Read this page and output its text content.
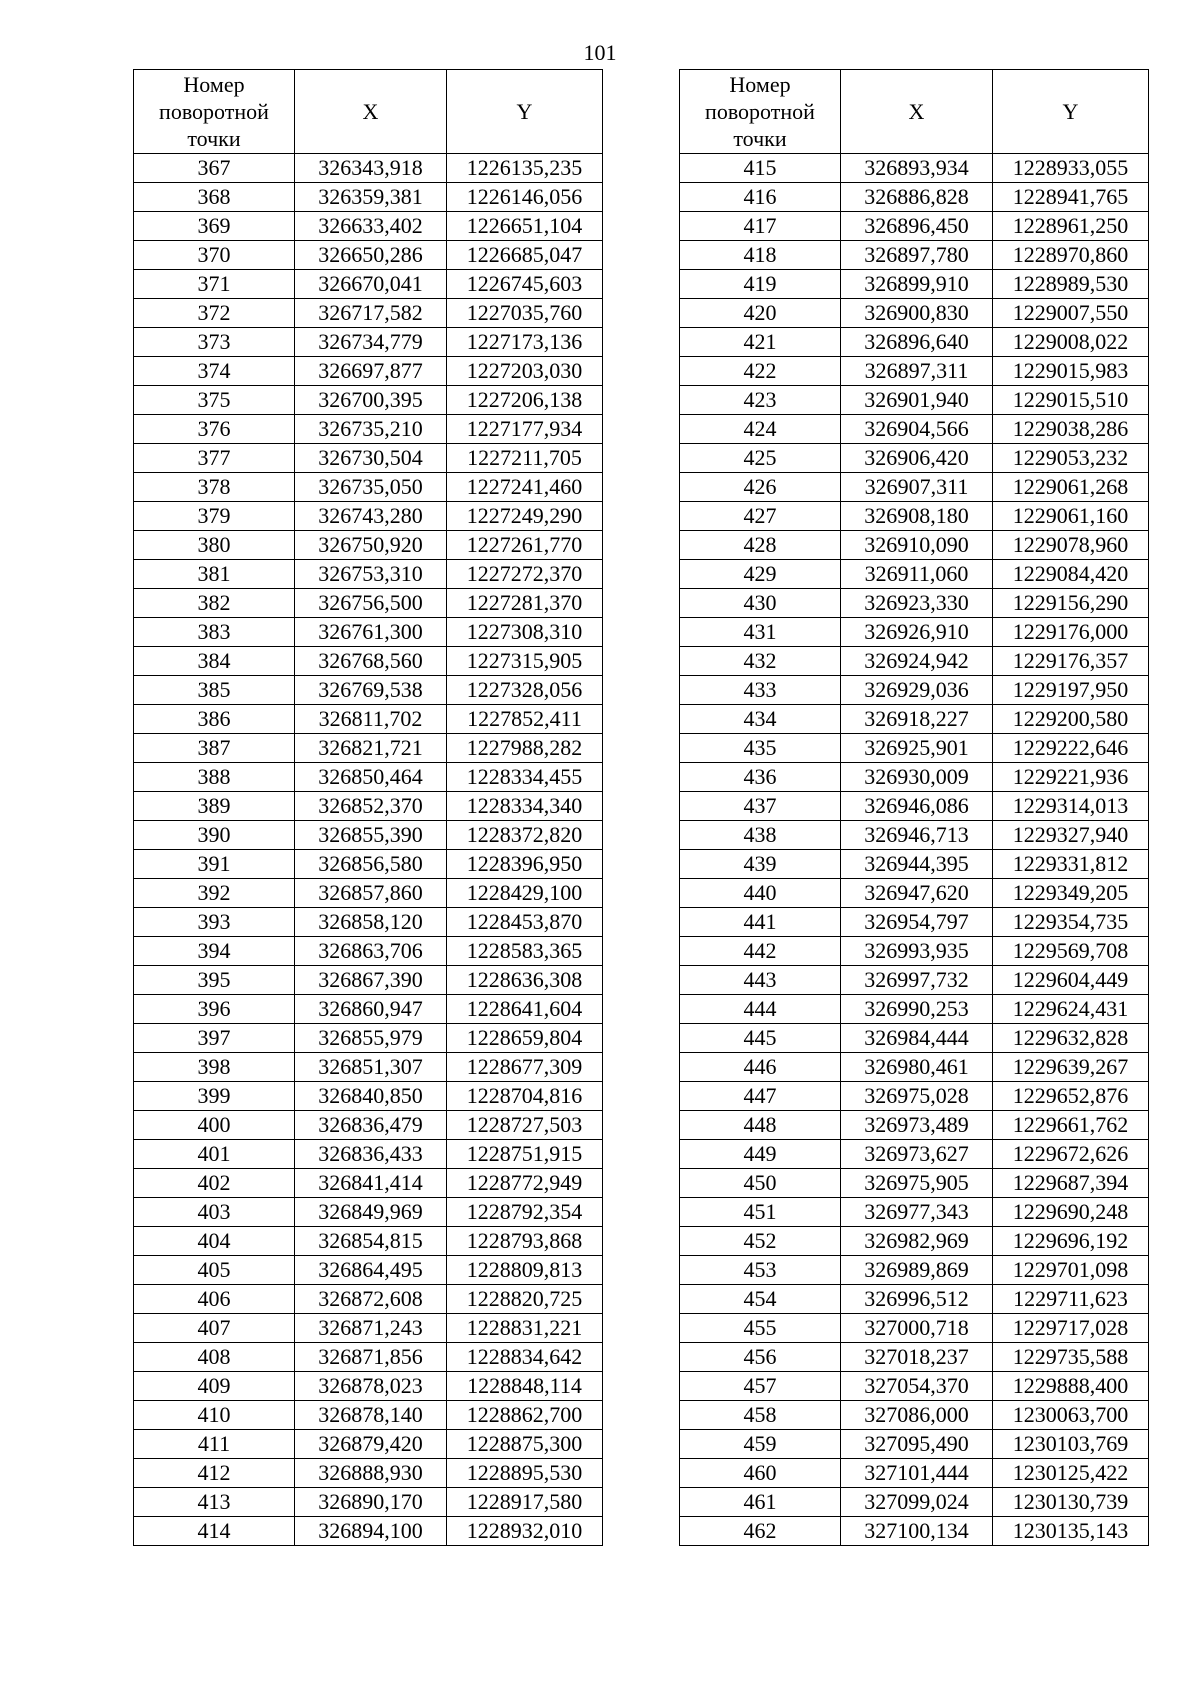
101
Номер поворотной точки	X	Y
367	326343,918	1226135,235
368	326359,381	1226146,056
369	326633,402	1226651,104
370	326650,286	1226685,047
371	326670,041	1226745,603
372	326717,582	1227035,760
373	326734,779	1227173,136
374	326697,877	1227203,030
375	326700,395	1227206,138
376	326735,210	1227177,934
377	326730,504	1227211,705
378	326735,050	1227241,460
379	326743,280	1227249,290
380	326750,920	1227261,770
381	326753,310	1227272,370
382	326756,500	1227281,370
383	326761,300	1227308,310
384	326768,560	1227315,905
385	326769,538	1227328,056
386	326811,702	1227852,411
387	326821,721	1227988,282
388	326850,464	1228334,455
389	326852,370	1228334,340
390	326855,390	1228372,820
391	326856,580	1228396,950
392	326857,860	1228429,100
393	326858,120	1228453,870
394	326863,706	1228583,365
395	326867,390	1228636,308
396	326860,947	1228641,604
397	326855,979	1228659,804
398	326851,307	1228677,309
399	326840,850	1228704,816
400	326836,479	1228727,503
401	326836,433	1228751,915
402	326841,414	1228772,949
403	326849,969	1228792,354
404	326854,815	1228793,868
405	326864,495	1228809,813
406	326872,608	1228820,725
407	326871,243	1228831,221
408	326871,856	1228834,642
409	326878,023	1228848,114
410	326878,140	1228862,700
411	326879,420	1228875,300
412	326888,930	1228895,530
413	326890,170	1228917,580
414	326894,100	1228932,010
Номер поворотной точки	X	Y
415	326893,934	1228933,055
416	326886,828	1228941,765
417	326896,450	1228961,250
418	326897,780	1228970,860
419	326899,910	1228989,530
420	326900,830	1229007,550
421	326896,640	1229008,022
422	326897,311	1229015,983
423	326901,940	1229015,510
424	326904,566	1229038,286
425	326906,420	1229053,232
426	326907,311	1229061,268
427	326908,180	1229061,160
428	326910,090	1229078,960
429	326911,060	1229084,420
430	326923,330	1229156,290
431	326926,910	1229176,000
432	326924,942	1229176,357
433	326929,036	1229197,950
434	326918,227	1229200,580
435	326925,901	1229222,646
436	326930,009	1229221,936
437	326946,086	1229314,013
438	326946,713	1229327,940
439	326944,395	1229331,812
440	326947,620	1229349,205
441	326954,797	1229354,735
442	326993,935	1229569,708
443	326997,732	1229604,449
444	326990,253	1229624,431
445	326984,444	1229632,828
446	326980,461	1229639,267
447	326975,028	1229652,876
448	326973,489	1229661,762
449	326973,627	1229672,626
450	326975,905	1229687,394
451	326977,343	1229690,248
452	326982,969	1229696,192
453	326989,869	1229701,098
454	326996,512	1229711,623
455	327000,718	1229717,028
456	327018,237	1229735,588
457	327054,370	1229888,400
458	327086,000	1230063,700
459	327095,490	1230103,769
460	327101,444	1230125,422
461	327099,024	1230130,739
462	327100,134	1230135,143
